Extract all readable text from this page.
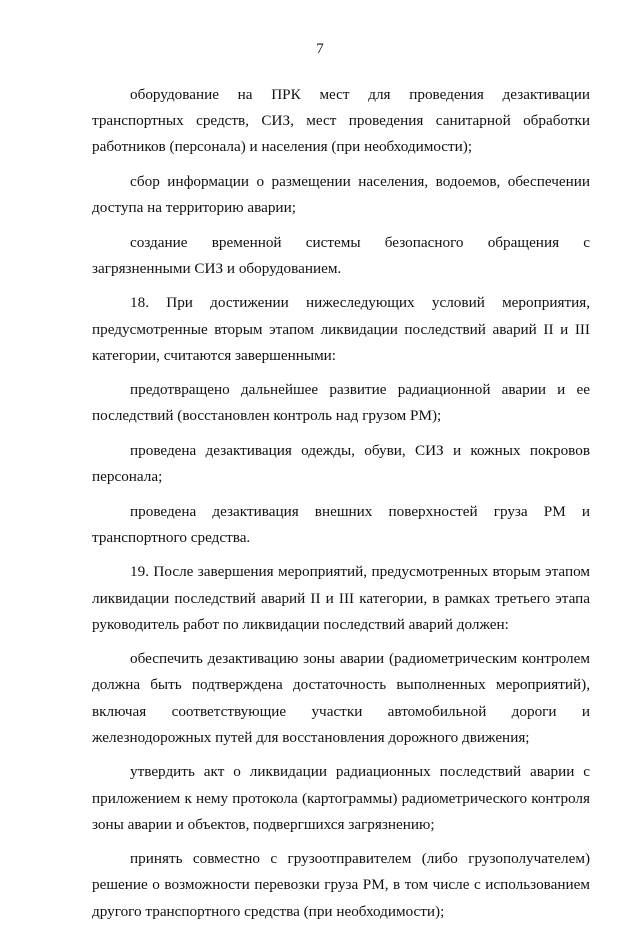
7

оборудование на ПРК мест для проведения дезактивации транспортных средств, СИЗ, мест проведения санитарной обработки работников (персонала) и населения (при необходимости);

сбор информации о размещении населения, водоемов, обеспечении доступа на территорию аварии;

создание временной системы безопасного обращения с загрязненными СИЗ и оборудованием.

18. При достижении нижеследующих условий мероприятия, предусмотренные вторым этапом ликвидации последствий аварий II и III категории, считаются завершенными:

предотвращено дальнейшее развитие радиационной аварии и ее последствий (восстановлен контроль над грузом РМ);

проведена дезактивация одежды, обуви, СИЗ и кожных покровов персонала;

проведена дезактивация внешних поверхностей груза РМ и транспортного средства.

19. После завершения мероприятий, предусмотренных вторым этапом ликвидации последствий аварий II и III категории, в рамках третьего этапа руководитель работ по ликвидации последствий аварий должен:

обеспечить дезактивацию зоны аварии (радиометрическим контролем должна быть подтверждена достаточность выполненных мероприятий), включая соответствующие участки автомобильной дороги и железнодорожных путей для восстановления дорожного движения;

утвердить акт о ликвидации радиационных последствий аварии с приложением к нему протокола (картограммы) радиометрического контроля зоны аварии и объектов, подвергшихся загрязнению;

принять совместно с грузоотправителем (либо грузополучателем) решение о возможности перевозки груза РМ, в том числе с использованием другого транспортного средства (при необходимости);
